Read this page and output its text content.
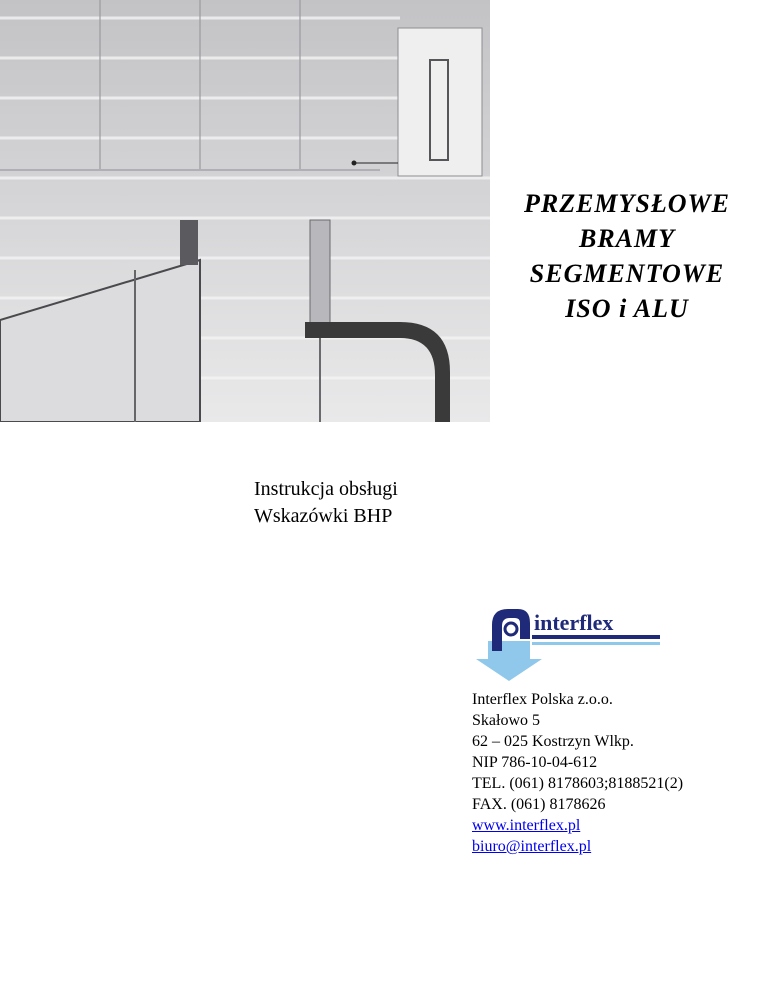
PRZEMYSŁOWE
BRAMY
SEGMENTOWE
ISO i ALU
Instrukcja obsługi
Wskazówki BHP
interflex
Interflex Polska z.o.o.
Skałowo 5
62 – 025 Kostrzyn Wlkp.
NIP 786-10-04-612
TEL. (061) 8178603;8188521(2)
FAX. (061) 8178626
www.interflex.pl
biuro@interflex.pl
